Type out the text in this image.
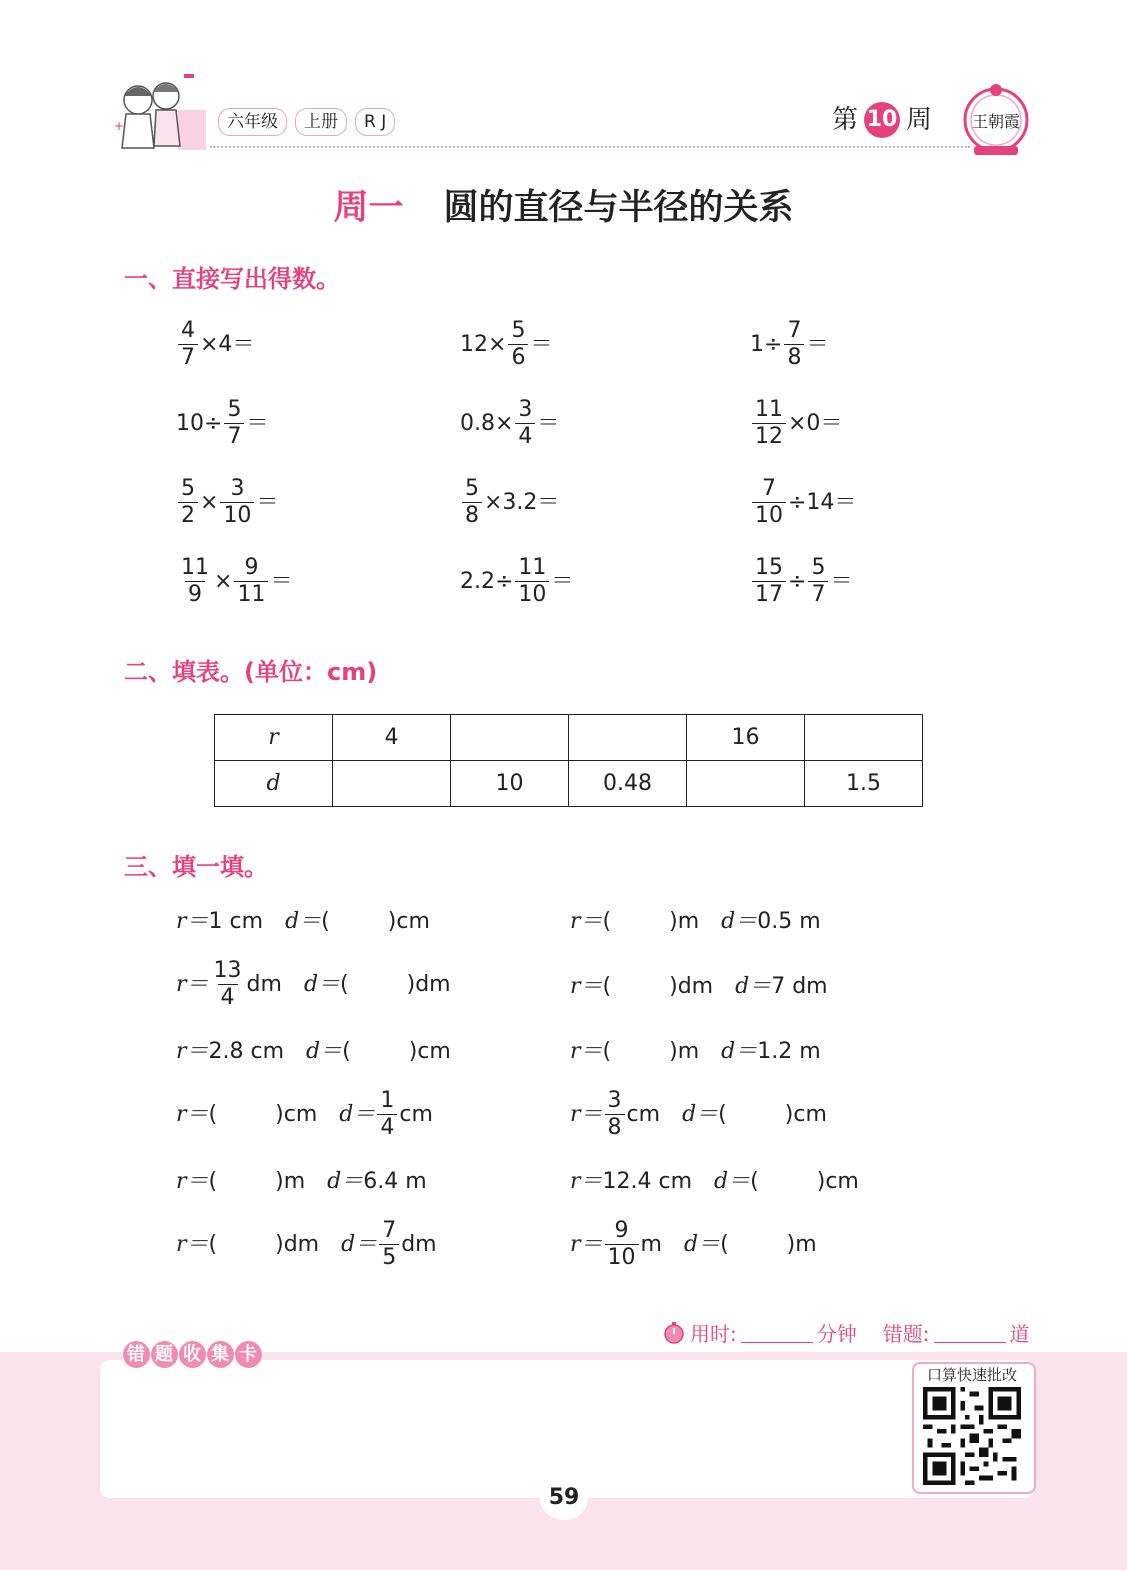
+	六年级	上册	R J	第 10 周 王朝霞
周一 圆的直径与半径的关系
一、直接写出得数。
$\frac{4}{7} \times 4=$	$12\times \frac{5}{6}$ ＝	$1\div \frac{7}{8}$ ＝
$10\div \frac{5}{7}$ ＝	$0.8\times \frac{3}{4}$ ＝	$\frac{11}{12} \times 0=$
$\frac{5}{2} \times \frac{3}{10}$ ＝	$\frac{5}{8} \times 3.2=$	$\frac{7}{10} \div 14=$
$\frac{11}{9} \times \frac{9}{11}$ ＝	$2.2\div \frac{11}{10}$ ＝	$\frac{15}{17} \div \frac{5}{7}$ ＝
二、填表。(单位：cm)
r	4			16	
d		10	0.48		1.5
三、填一填。
r＝ 1 cm d＝ (	) cm
$r= \frac{13}{4}$ dm d＝ (	) dm
r＝ 2.8 cm d＝ (	) cm
r＝ (	) cm $d= \frac{1}{4}$ cm
r＝ (	) m d＝ 6.4 m
r＝ (	) dm $d= \frac{7}{5}$ dm
r＝ (	) m d＝ 0.5 m
r＝ (	) dm d＝ 7 dm
r＝ (	) m d＝ 1.2 m
$r= \frac{3}{8}$ cm d＝ (	) cm
r＝ 12.4 cm d＝ (	) cm
$r= \frac{9}{10}$ m d＝ (	) m
用时:	分钟 错题:	道
错 题 收 集 卡
口算快速批改
59
